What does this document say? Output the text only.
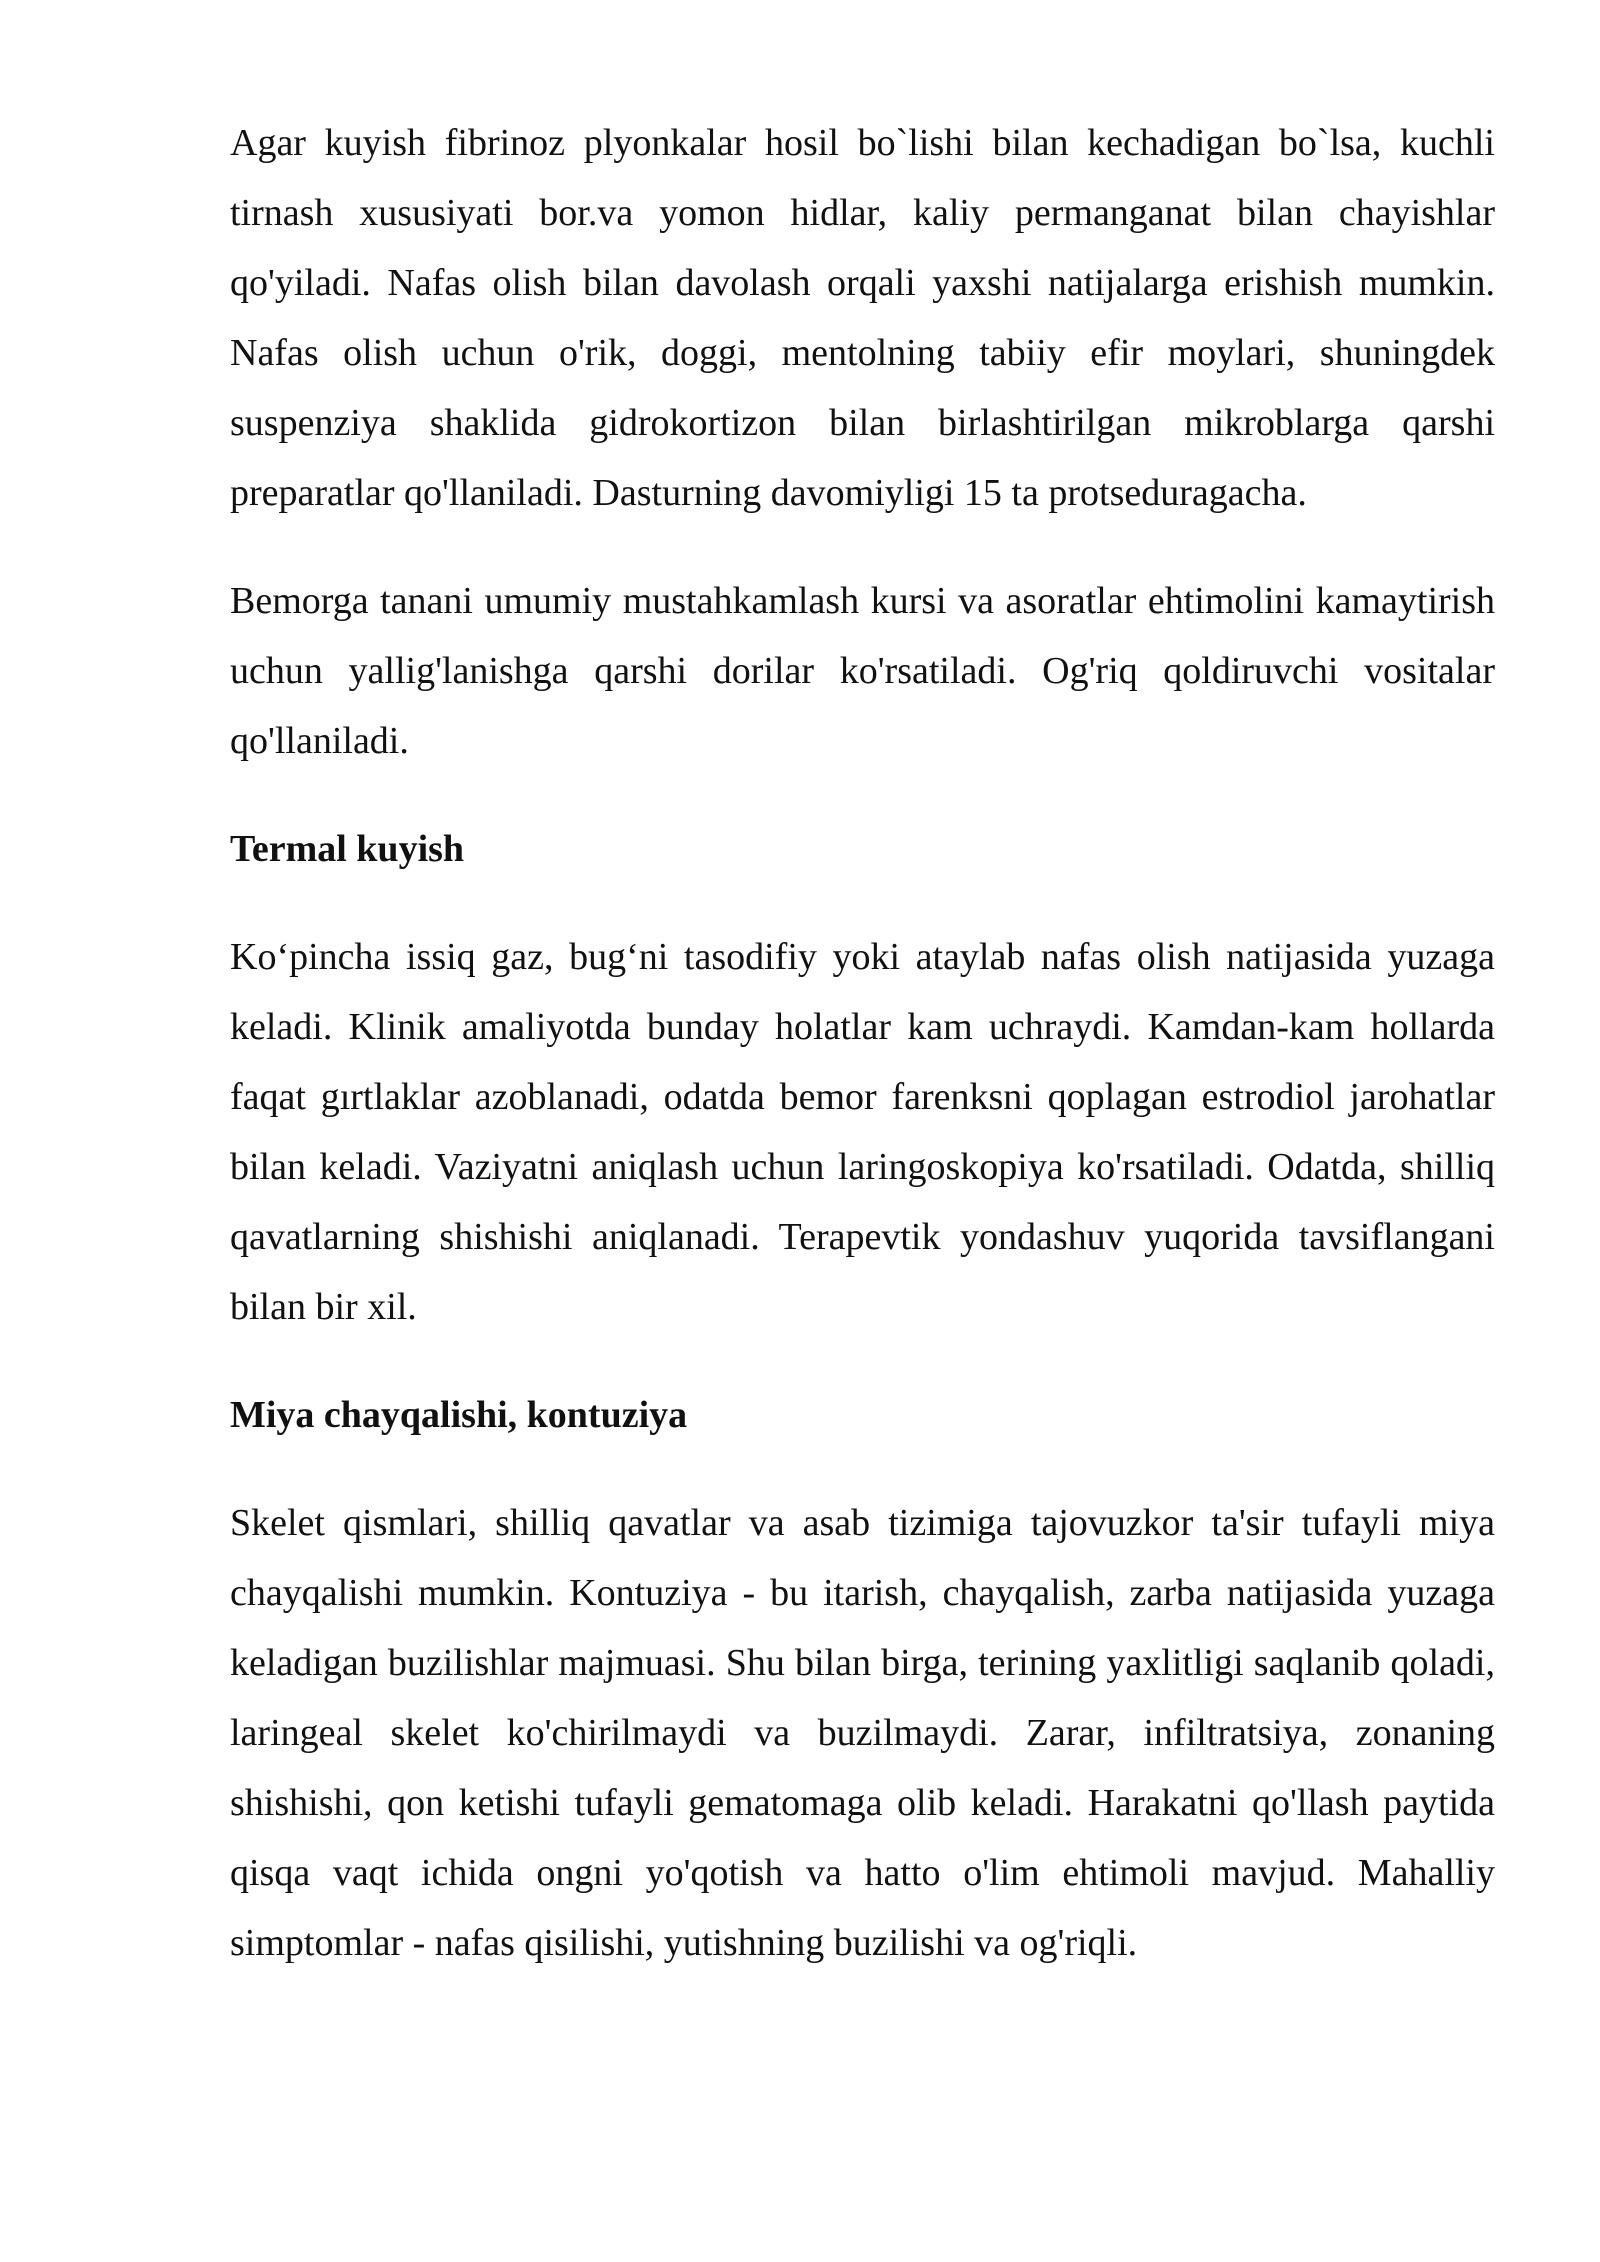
Agar kuyish fibrinoz plyonkalar hosil bo`lishi bilan kechadigan bo`lsa, kuchli tirnash xususiyati bor.va yomon hidlar, kaliy permanganat bilan chayishlar qo'yiladi. Nafas olish bilan davolash orqali yaxshi natijalarga erishish mumkin. Nafas olish uchun o'rik, doggi, mentolning tabiiy efir moylari, shuningdek suspenziya shaklida gidrokortizon bilan birlashtirilgan mikroblarga qarshi preparatlar qo'llaniladi. Dasturning davomiyligi 15 ta protseduragacha.

Bemorga tanani umumiy mustahkamlash kursi va asoratlar ehtimolini kamaytirish uchun yallig'lanishga qarshi dorilar ko'rsatiladi. Og'riq qoldiruvchi vositalar qo'llaniladi.

Termal kuyish

Ko‘pincha issiq gaz, bug‘ni tasodifiy yoki ataylab nafas olish natijasida yuzaga keladi. Klinik amaliyotda bunday holatlar kam uchraydi. Kamdan-kam hollarda faqat gırtlaklar azoblanadi, odatda bemor farenksni qoplagan estrodiol jarohatlar bilan keladi. Vaziyatni aniqlash uchun laringoskopiya ko'rsatiladi. Odatda, shilliq qavatlarning shishishi aniqlanadi. Terapevtik yondashuv yuqorida tavsiflangani bilan bir xil.

Miya chayqalishi, kontuziya

Skelet qismlari, shilliq qavatlar va asab tizimiga tajovuzkor ta'sir tufayli miya chayqalishi mumkin. Kontuziya - bu itarish, chayqalish, zarba natijasida yuzaga keladigan buzilishlar majmuasi. Shu bilan birga, terining yaxlitligi saqlanib qoladi, laringeal skelet ko'chirilmaydi va buzilmaydi. Zarar, infiltratsiya, zonaning shishishi, qon ketishi tufayli gematomaga olib keladi. Harakatni qo'llash paytida qisqa vaqt ichida ongni yo'qotish va hatto o'lim ehtimoli mavjud. Mahalliy simptomlar - nafas qisilishi, yutishning buzilishi va og'riqli.
